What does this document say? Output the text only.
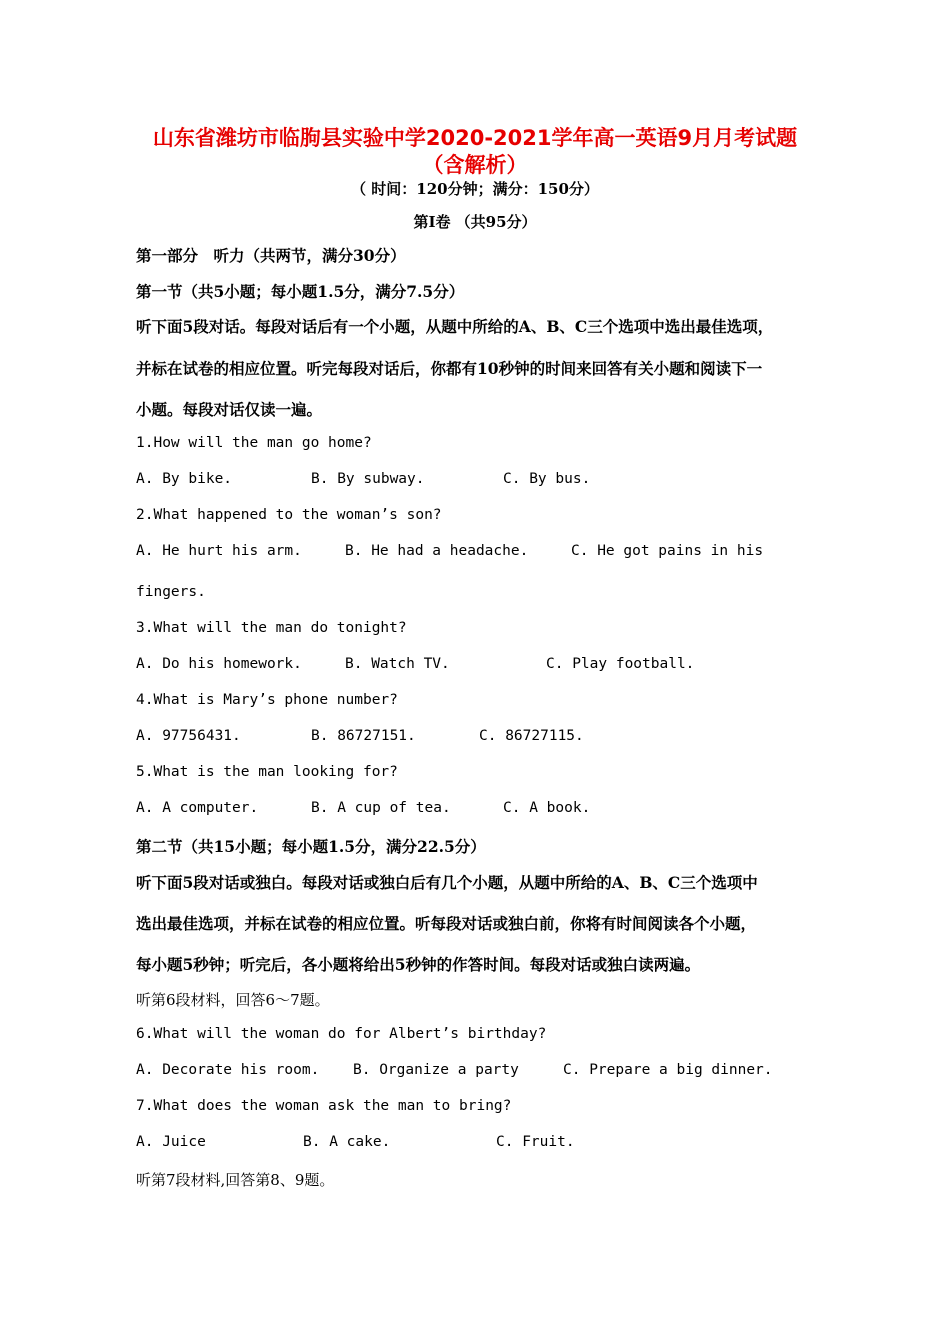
山东省潍坊市临朐县实验中学2020-2021学年高一英语9月月考试题
（含解析）
（ 时间：120分钟；满分：150分）
第Ⅰ卷 （共95分）
第一部分　听力（共两节，满分30分）
第一节（共5小题；每小题1.5分，满分7.5分）
听下面5段对话。每段对话后有一个小题，从题中所给的A、B、C三个选项中选出最佳选项，
并标在试卷的相应位置。听完每段对话后，你都有10秒钟的时间来回答有关小题和阅读下一
小题。每段对话仅读一遍。
1.How will the man go home?
A. By bike.	B. By subway.	C. By bus.
2.What happened to the woman’s son?
A. He hurt his arm.	B. He had a headache.	C. He got pains in his
fingers.
3.What will the man do tonight?
A. Do his homework.	B. Watch TV.	C. Play football.
4.What is Mary’s phone number?
A. 97756431.	B. 86727151.	C. 86727115.
5.What is the man looking for?
A. A computer.	B. A cup of tea.	C. A book.
第二节（共15小题；每小题1.5分，满分22.5分）
听下面5段对话或独白。每段对话或独白后有几个小题，从题中所给的A、B、C三个选项中
选出最佳选项，并标在试卷的相应位置。听每段对话或独白前，你将有时间阅读各个小题，
每小题5秒钟；听完后，各小题将给出5秒钟的作答时间。每段对话或独白读两遍。
听第6段材料，回答6～7题。
6.What will the woman do for Albert’s birthday?
A. Decorate his room. B. Organize a party	C. Prepare a big dinner.
7.What does the woman ask the man to bring?
A. Juice	B. A cake.	C. Fruit.
听第7段材料,回答第8、9题。
